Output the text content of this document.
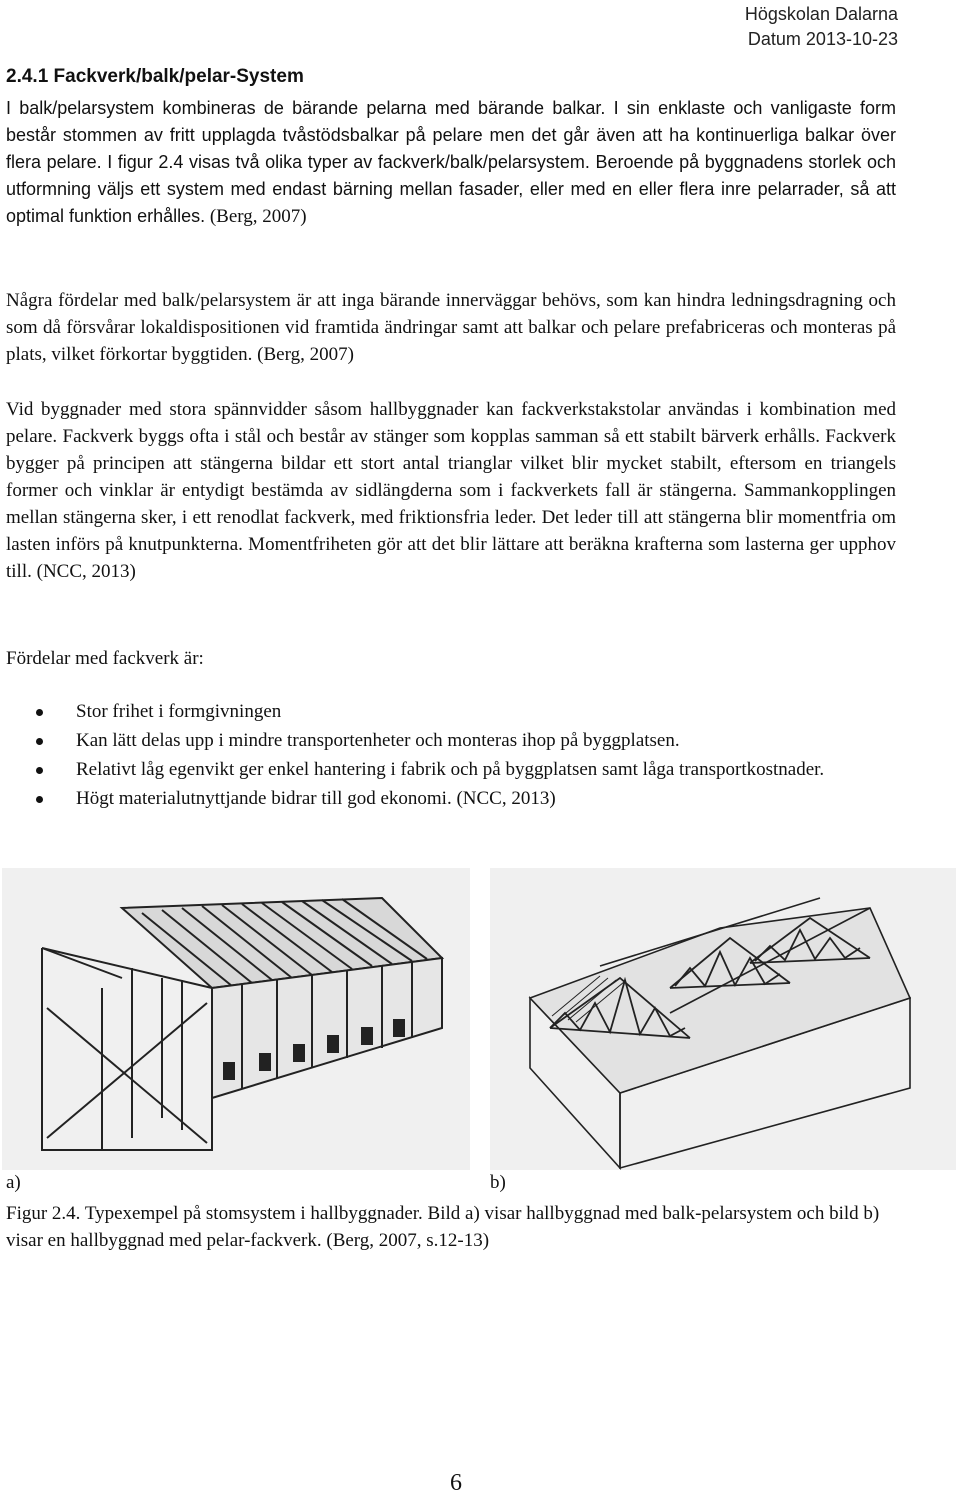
Högskolan Dalarna
Datum 2013-10-23
2.4.1 Fackverk/balk/pelar-System

I balk/pelarsystem kombineras de bärande pelarna med bärande balkar. I sin enklaste och vanligaste form består stommen av fritt upplagda tvåstödsbalkar på pelare men det går även att ha kontinuerliga balkar över flera pelare. I figur 2.4 visas två olika typer av fackverk/balk/pelarsystem. Beroende på byggnadens storlek och utformning väljs ett system med endast bärning mellan fasader, eller med en eller flera inre pelarrader, så att optimal funktion erhålles. (Berg, 2007)

Några fördelar med balk/pelarsystem är att inga bärande innerväggar behövs, som kan hindra ledningsdragning och som då försvårar lokaldispositionen vid framtida ändringar samt att balkar och pelare prefabriceras och monteras på plats, vilket förkortar byggtiden. (Berg, 2007)

Vid byggnader med stora spännvidder såsom hallbyggnader kan fackverkstakstolar användas i kombination med pelare. Fackverk byggs ofta i stål och består av stänger som kopplas samman så ett stabilt bärverk erhålls. Fackverk bygger på principen att stängerna bildar ett stort antal trianglar vilket blir mycket stabilt, eftersom en triangels former och vinklar är entydigt bestämda av sidlängderna som i fackverkets fall är stängerna. Sammankopplingen mellan stängerna sker, i ett renodlat fackverk, med friktionsfria leder. Det leder till att stängerna blir momentfria om lasten införs på knutpunkterna. Momentfriheten gör att det blir lättare att beräkna krafterna som lasterna ger upphov till. (NCC, 2013)

Fördelar med fackverk är:

Stor frihet i formgivningen
Kan lätt delas upp i mindre transportenheter och monteras ihop på byggplatsen.
Relativt låg egenvikt ger enkel hantering i fabrik och på byggplatsen samt låga transportkostnader.
Högt materialutnyttjande bidrar till god ekonomi. (NCC, 2013)
a)	b)

Figur 2.4. Typexempel på stomsystem i hallbyggnader. Bild a) visar hallbyggnad med balk-pelarsystem och bild b) visar en hallbyggnad med pelar-fackverk. (Berg, 2007, s.12-13)

6
